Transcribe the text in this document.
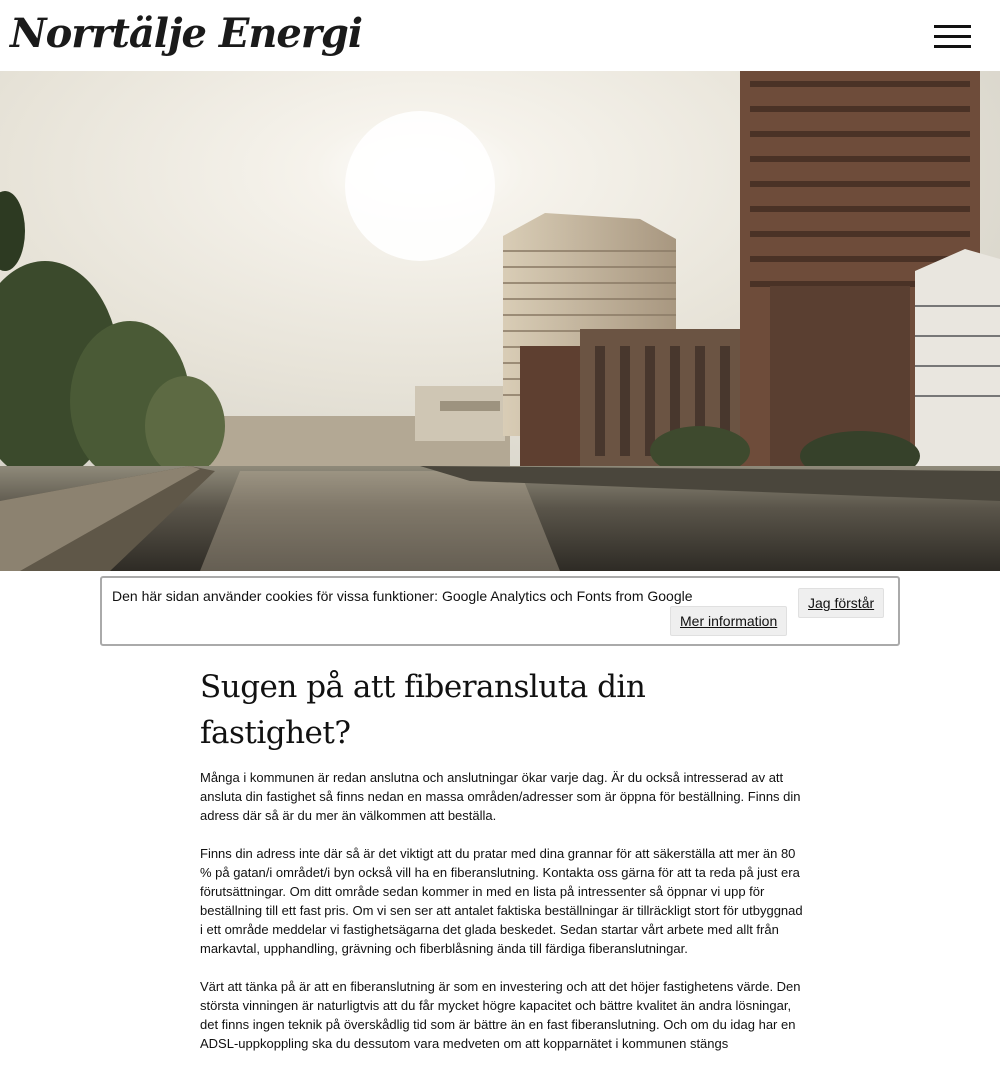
Norrtälje Energi
Den här sidan använder cookies för vissa funktioner: Google Analytics och Fonts from Google	Jag förstår
Mer information
Sugen på att fiberansluta din fastighet?

Många i kommunen är redan anslutna och anslutningar ökar varje dag. Är du också intresserad av att ansluta din fastighet så finns nedan en massa områden/adresser som är öppna för beställning. Finns din adress där så är du mer än välkommen att beställa.

Finns din adress inte där så är det viktigt att du pratar med dina grannar för att säkerställa att mer än 80 % på gatan/i området/i byn också vill ha en fiberanslutning. Kontakta oss gärna för att ta reda på just era förutsättningar. Om ditt område sedan kommer in med en lista på intressenter så öppnar vi upp för beställning till ett fast pris. Om vi sen ser att antalet faktiska beställningar är tillräckligt stort för utbyggnad i ett område meddelar vi fastighetsägarna det glada beskedet. Sedan startar vårt arbete med allt från markavtal, upphandling, grävning och fiberblåsning ända till färdiga fiberanslutningar.

Värt att tänka på är att en fiberanslutning är som en investering och att det höjer fastighetens värde. Den största vinningen är naturligtvis att du får mycket högre kapacitet och bättre kvalitet än andra lösningar, det finns ingen teknik på överskådlig tid som är bättre än en fast fiberanslutning. Och om du idag har en ADSL-uppkoppling ska du dessutom vara medveten om att kopparnätet i kommunen stängs
